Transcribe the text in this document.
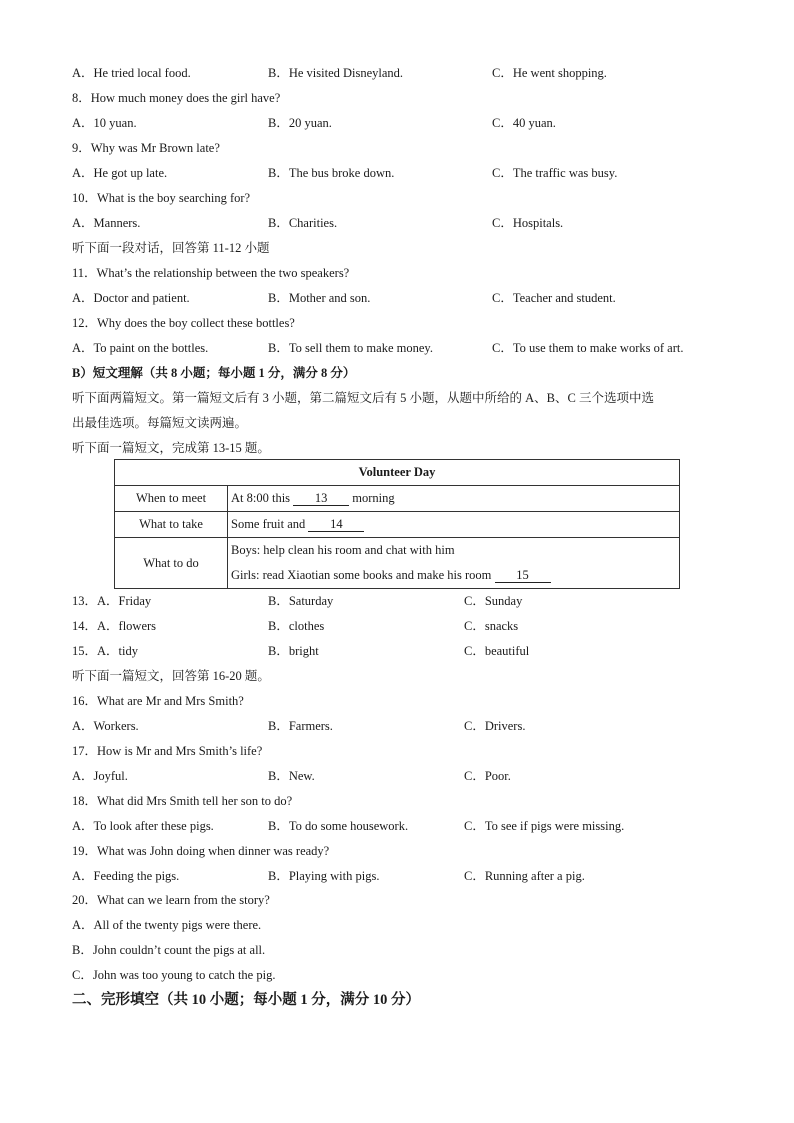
A．He tried local food.	B．He visited Disneyland.	C．He went shopping.
8．How much money does the girl have?
A．10 yuan.	B．20 yuan.	C．40 yuan.
9．Why was Mr Brown late?
A．He got up late.	B．The bus broke down.	C．The traffic was busy.
10．What is the boy searching for?
A．Manners.	B．Charities.	C．Hospitals.
听下面一段对话，回答第 11-12 小题
11．What’s the relationship between the two speakers?
A．Doctor and patient.	B．Mother and son.	C．Teacher and student.
12．Why does the boy collect these bottles?
A．To paint on the bottles.	B．To sell them to make money.	C．To use them to make works of art.
B）短文理解（共 8 小题；每小题 1 分，满分 8 分）
听下面两篇短文。第一篇短文后有 3 小题，第二篇短文后有 5 小题，从题中所给的 A、B、C 三个选项中选
出最佳选项。每篇短文读两遍。
听下面一篇短文，完成第 13-15 题。
Volunteer Day	
When to meet	At 8:00 this 13 morning
What to take	Some fruit and 14
What to do	Boys: help clean his room and chat with him
Girls: read Xiaotian some books and make his room 15
13．A．Friday	B．Saturday	C．Sunday
14．A．flowers	B．clothes	C．snacks
15．A．tidy	B．bright	C．beautiful
听下面一篇短文，回答第 16-20 题。
16．What are Mr and Mrs Smith?
A．Workers.	B．Farmers.	C．Drivers.
17．How is Mr and Mrs Smith’s life?
A．Joyful.	B．New.	C．Poor.
18．What did Mrs Smith tell her son to do?
A．To look after these pigs.	B．To do some housework.	C．To see if pigs were missing.
19．What was John doing when dinner was ready?
A．Feeding the pigs.	B．Playing with pigs.	C．Running after a pig.
20．What can we learn from the story?
A．All of the twenty pigs were there.
B．John couldn’t count the pigs at all.
C．John was too young to catch the pig.
二、完形填空（共 10 小题；每小题 1 分，满分 10 分）
